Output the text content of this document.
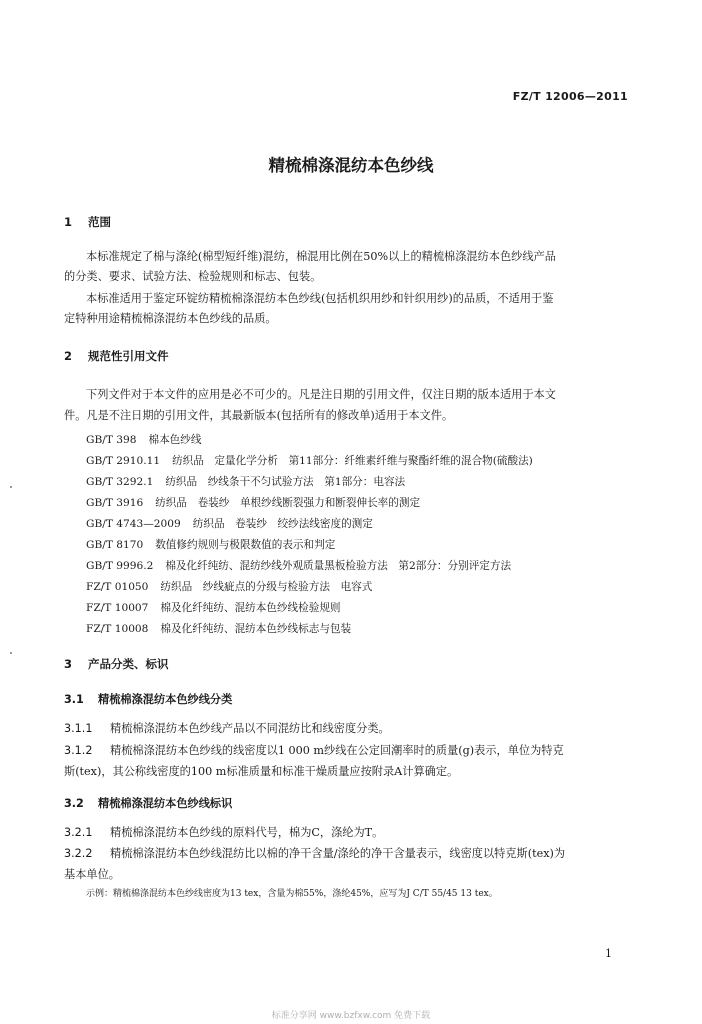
FZ/T 12006—2011
精梳棉涤混纺本色纱线
1 范围
本标准规定了棉与涤纶(棉型短纤维)混纺，棉混用比例在50%以上的精梳棉涤混纺本色纱线产品
的分类、要求、试验方法、检验规则和标志、包装。
本标准适用于鉴定环锭纺精梳棉涤混纺本色纱线(包括机织用纱和针织用纱)的品质，不适用于鉴
定特种用途精梳棉涤混纺本色纱线的品质。
2 规范性引用文件
下列文件对于本文件的应用是必不可少的。凡是注日期的引用文件，仅注日期的版本适用于本文
件。凡是不注日期的引用文件，其最新版本(包括所有的修改单)适用于本文件。
GB/T 398 棉本色纱线
GB/T 2910.11 纺织品　定量化学分析　第11部分：纤维素纤维与聚酯纤维的混合物(硫酸法)
GB/T 3292.1 纺织品　纱线条干不匀试验方法　第1部分：电容法
GB/T 3916 纺织品　卷装纱　单根纱线断裂强力和断裂伸长率的测定
GB/T 4743—2009 纺织品　卷装纱　绞纱法线密度的测定
GB/T 8170 数值修约规则与极限数值的表示和判定
GB/T 9996.2 棉及化纤纯纺、混纺纱线外观质量黑板检验方法　第2部分：分别评定方法
FZ/T 01050 纺织品　纱线疵点的分级与检验方法　电容式
FZ/T 10007 棉及化纤纯纺、混纺本色纱线检验规则
FZ/T 10008 棉及化纤纯纺、混纺本色纱线标志与包装
3 产品分类、标识
3.1 精梳棉涤混纺本色纱线分类
3.1.1 精梳棉涤混纺本色纱线产品以不同混纺比和线密度分类。
3.1.2 精梳棉涤混纺本色纱线的线密度以1 000 m纱线在公定回潮率时的质量(g)表示，单位为特克
斯(tex)，其公称线密度的100 m标准质量和标准干燥质量应按附录A计算确定。
3.2 精梳棉涤混纺本色纱线标识
3.2.1 精梳棉涤混纺本色纱线的原料代号，棉为C，涤纶为T。
3.2.2 精梳棉涤混纺本色纱线混纺比以棉的净干含量/涤纶的净干含量表示，线密度以特克斯(tex)为
基本单位。
示例：精梳棉涤混纺本色纱线密度为13 tex，含量为棉55%，涤纶45%，应写为J C/T 55/45 13 tex。
1
标准分享网 www.bzfxw.com 免费下载
